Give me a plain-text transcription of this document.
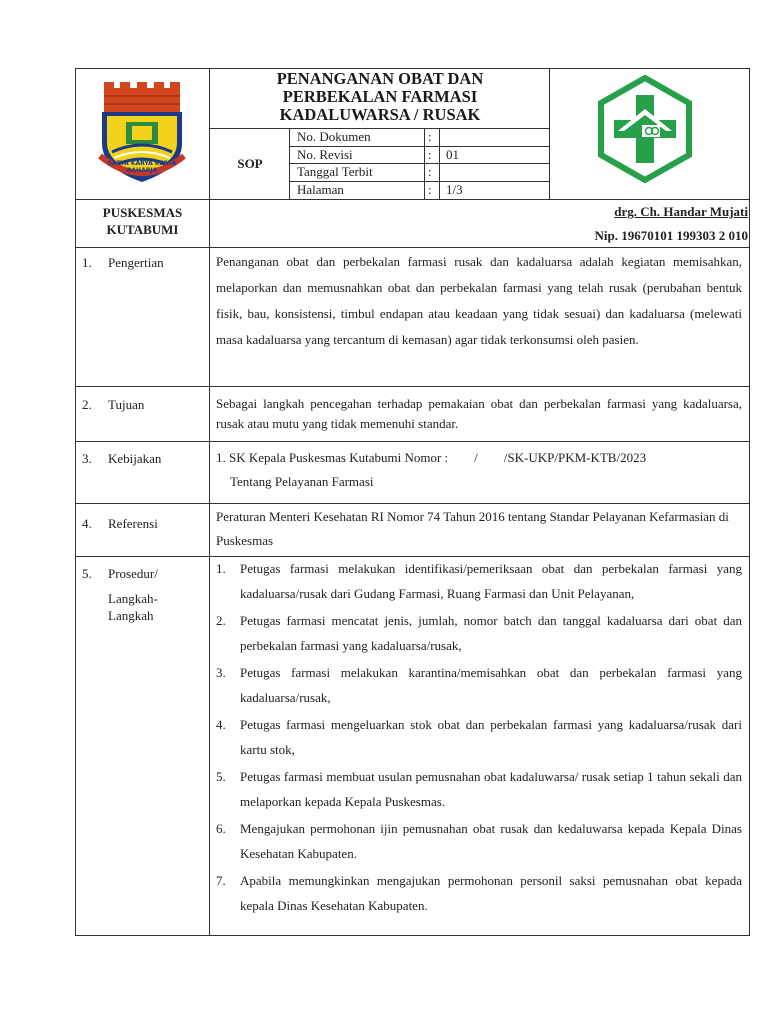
SATYA KARYA KERTA RAHARJA
PENANGANAN OBAT DAN
PERBEKALAN FARMASI
KADALUWARSA / RUSAK
SOP
No. Dokumen	:
No. Revisi	: 01
Tanggal Terbit	:
Halaman	: 1/3
PUSKESMAS
KUTABUMI
drg. Ch. Handar Mujati
Nip. 19670101 199303 2 010
1. Pengertian	Penanganan obat dan perbekalan farmasi rusak dan kadaluarsa adalah kegiatan memisahkan, melaporkan dan memusnahkan obat dan perbekalan farmasi yang telah rusak (perubahan bentuk fisik, bau, konsistensi, timbul endapan atau keadaan yang tidak sesuai) dan kadaluarsa (melewati masa kadaluarsa yang tercantum di kemasan) agar tidak terkonsumsi oleh pasien.
2. Tujuan	Sebagai langkah pencegahan terhadap pemakaian obat dan perbekalan farmasi yang kadaluarsa, rusak atau mutu yang tidak memenuhi standar.
3. Kebijakan	1. SK Kepala Puskesmas Kutabumi Nomor :        /        /SK-UKP/PKM-KTB/2023
Tentang Pelayanan Farmasi
4. Referensi	Peraturan Menteri Kesehatan RI Nomor 74 Tahun 2016 tentang Standar Pelayanan Kefarmasian di Puskesmas
5. Prosedur/
Langkah-
Langkah
1.	Petugas farmasi melakukan identifikasi/pemeriksaan obat dan perbekalan farmasi yang kadaluarsa/rusak dari Gudang Farmasi, Ruang Farmasi dan Unit Pelayanan,
2.	Petugas farmasi mencatat jenis, jumlah, nomor batch dan tanggal kadaluarsa dari obat dan perbekalan farmasi yang kadaluarsa/rusak,
3.	Petugas farmasi melakukan karantina/memisahkan obat dan perbekalan farmasi yang kadaluarsa/rusak,
4.	Petugas farmasi mengeluarkan stok obat dan perbekalan farmasi yang kadaluarsa/rusak dari kartu stok,
5.	Petugas farmasi membuat usulan pemusnahan obat kadaluwarsa/ rusak setiap 1 tahun sekali dan melaporkan kepada Kepala Puskesmas.
6.	Mengajukan permohonan ijin pemusnahan obat rusak dan kedaluwarsa kepada Kepala Dinas Kesehatan Kabupaten.
7.	Apabila memungkinkan mengajukan permohonan personil saksi pemusnahan obat kepada kepala Dinas Kesehatan Kabupaten.
